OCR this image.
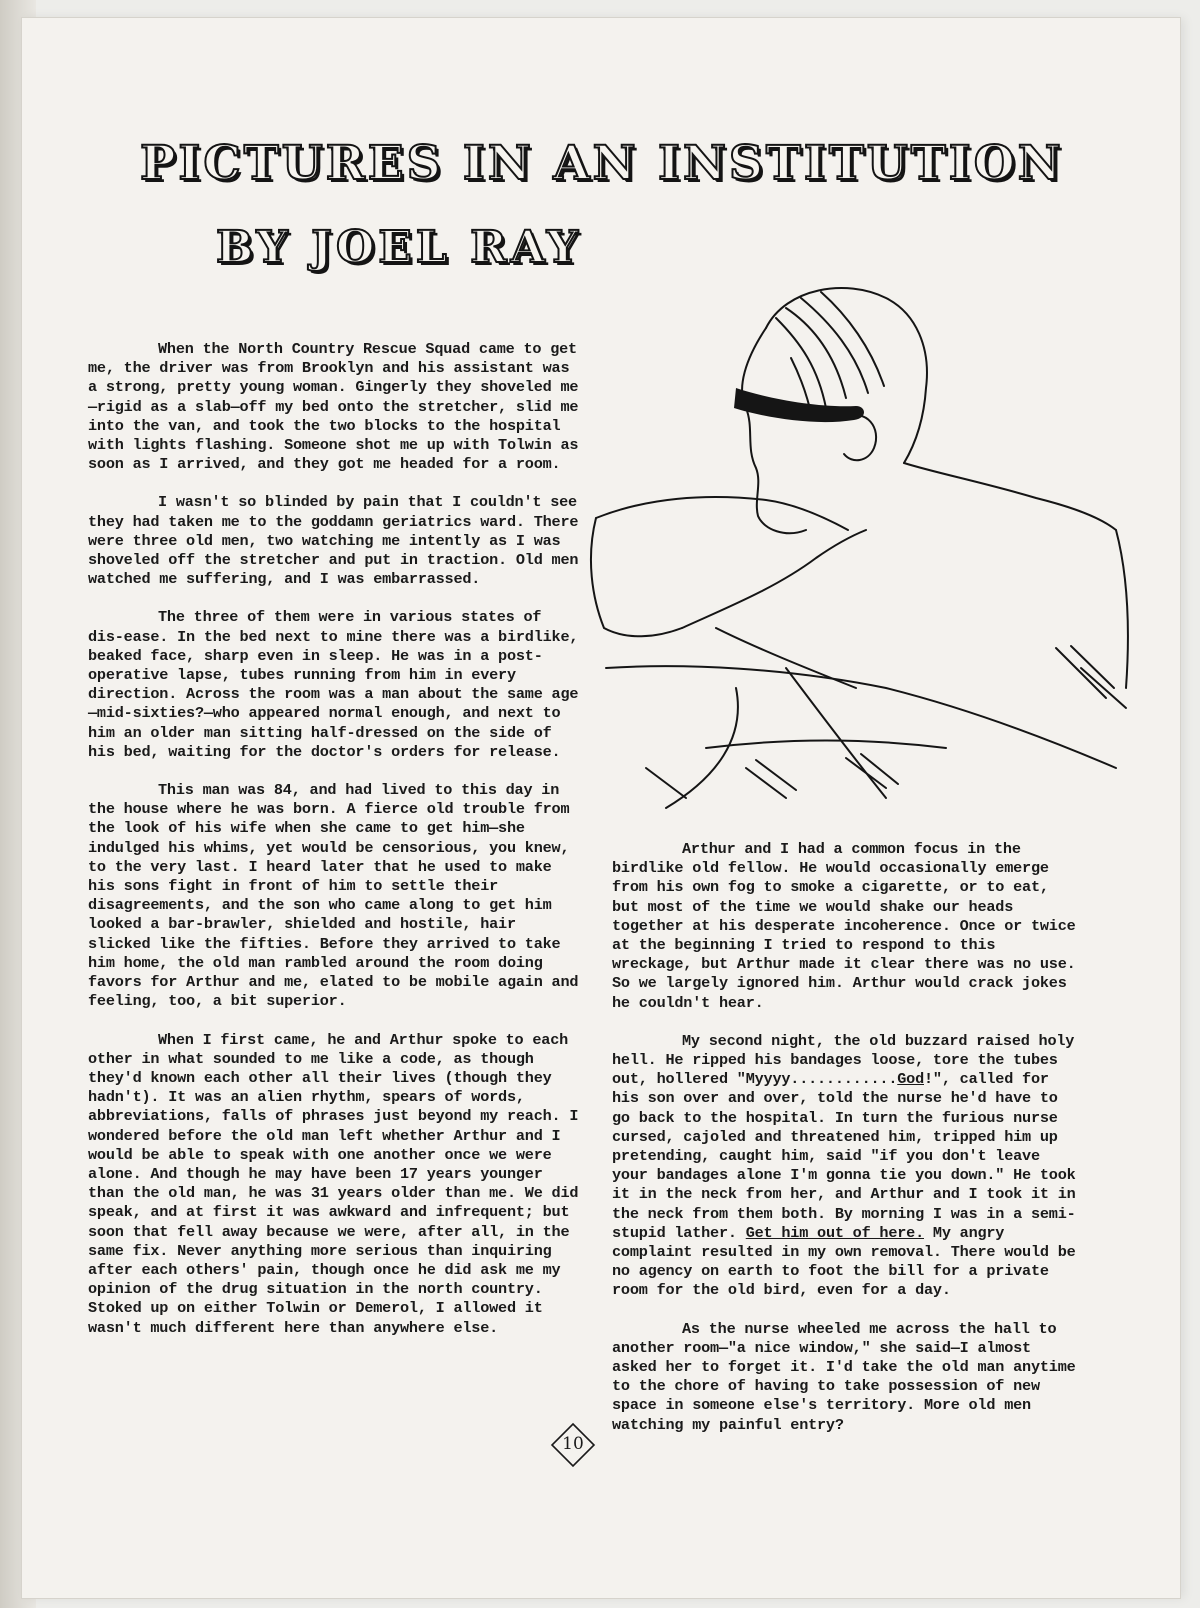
PICTURES IN AN INSTITUTION
BY JOEL RAY

When the North Country Rescue Squad came to get me, the driver was from Brooklyn and his assistant was a strong, pretty young woman. Gingerly they shoveled me—rigid as a slab—off my bed onto the stretcher, slid me into the van, and took the two blocks to the hospital with lights flashing. Someone shot me up with Tolwin as soon as I arrived, and they got me headed for a room.

I wasn't so blinded by pain that I couldn't see they had taken me to the goddamn geriatrics ward. There were three old men, two watching me intently as I was shoveled off the stretcher and put in traction. Old men watched me suffering, and I was embarrassed.

The three of them were in various states of dis-ease. In the bed next to mine there was a birdlike, beaked face, sharp even in sleep. He was in a post-operative lapse, tubes running from him in every direction. Across the room was a man about the same age—mid-sixties?—who appeared normal enough, and next to him an older man sitting half-dressed on the side of his bed, waiting for the doctor's orders for release.

This man was 84, and had lived to this day in the house where he was born. A fierce old trouble from the look of his wife when she came to get him—she indulged his whims, yet would be censorious, you knew, to the very last. I heard later that he used to make his sons fight in front of him to settle their disagreements, and the son who came along to get him looked a bar-brawler, shielded and hostile, hair slicked like the fifties. Before they arrived to take him home, the old man rambled around the room doing favors for Arthur and me, elated to be mobile again and feeling, too, a bit superior.

When I first came, he and Arthur spoke to each other in what sounded to me like a code, as though they'd known each other all their lives (though they hadn't). It was an alien rhythm, spears of words, abbreviations, falls of phrases just beyond my reach. I wondered before the old man left whether Arthur and I would be able to speak with one another once we were alone. And though he may have been 17 years younger than the old man, he was 31 years older than me. We did speak, and at first it was awkward and infrequent; but soon that fell away because we were, after all, in the same fix. Never anything more serious than inquiring after each others' pain, though once he did ask me my opinion of the drug situation in the north country. Stoked up on either Tolwin or Demerol, I allowed it wasn't much different here than anywhere else.

Arthur and I had a common focus in the birdlike old fellow. He would occasionally emerge from his own fog to smoke a cigarette, or to eat, but most of the time we would shake our heads together at his desperate incoherence. Once or twice at the beginning I tried to respond to this wreckage, but Arthur made it clear there was no use. So we largely ignored him. Arthur would crack jokes he couldn't hear.

My second night, the old buzzard raised holy hell. He ripped his bandages loose, tore the tubes out, hollered "Myyyy............God!", called for his son over and over, told the nurse he'd have to go back to the hospital. In turn the furious nurse cursed, cajoled and threatened him, tripped him up pretending, caught him, said "if you don't leave your bandages alone I'm gonna tie you down." He took it in the neck from her, and Arthur and I took it in the neck from them both. By morning I was in a semi-stupid lather. Get him out of here. My angry complaint resulted in my own removal. There would be no agency on earth to foot the bill for a private room for the old bird, even for a day.

As the nurse wheeled me across the hall to another room—"a nice window," she said—I almost asked her to forget it. I'd take the old man anytime to the chore of having to take possession of new space in someone else's territory. More old men watching my painful entry?

10
